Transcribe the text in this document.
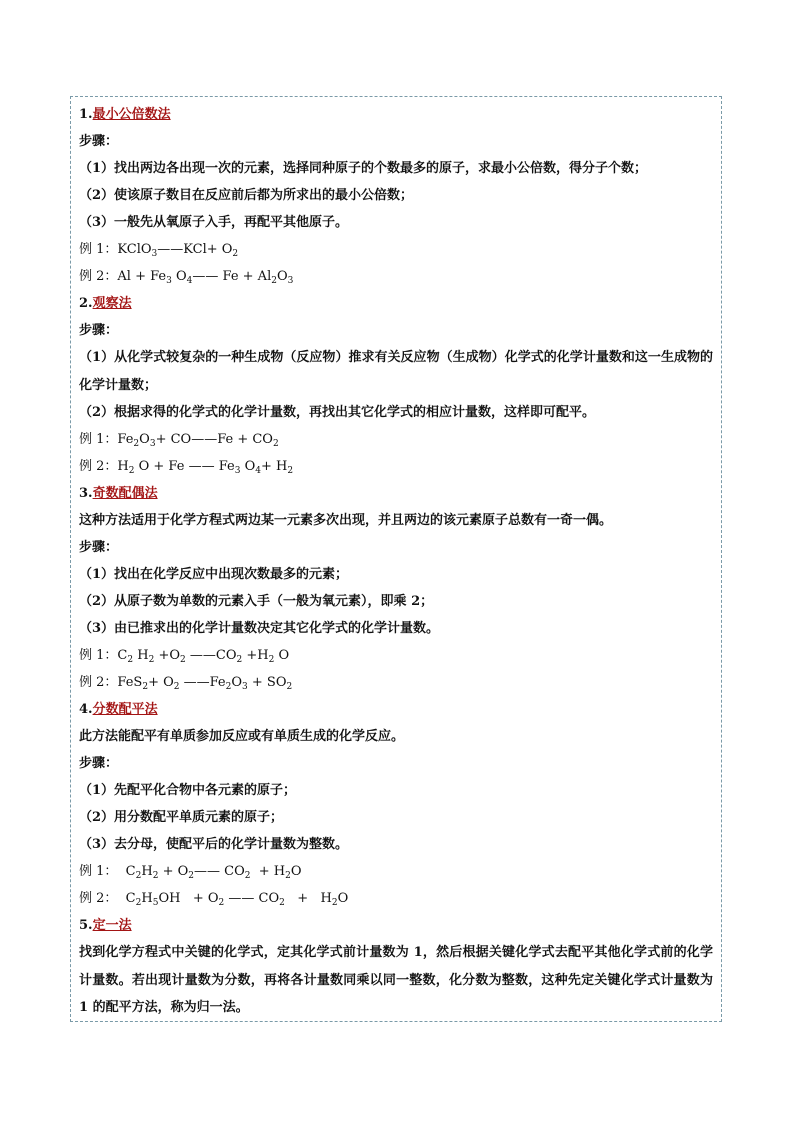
1.最小公倍数法
步骤：
（1）找出两边各出现一次的元素，选择同种原子的个数最多的原子，求最小公倍数，得分子个数；
（2）使该原子数目在反应前后都为所求出的最小公倍数；
（3）一般先从氧原子入手，再配平其他原子。
例 1：KClO$_3$——KCl+ $O_2$
例 2：$Al + Fe_3$ $O_4——$ $Fe + Al_2O_3$
2.观察法
步骤：
（1）从化学式较复杂的一种生成物（反应物）推求有关反应物（生成物）化学式的化学计量数和这一生成物的化学计量数；
（2）根据求得的化学式的化学计量数，再找出其它化学式的相应计量数，这样即可配平。
例 1：$Fe_2O_3+$ CO——Fe + $CO_2$
例 2：$H_2$ O + Fe —— $Fe_3$ $O_4+ H_2$
3.奇数配偶法
这种方法适用于化学方程式两边某一元素多次出现，并且两边的该元素原子总数有一奇一偶。
步骤：
（1）找出在化学反应中出现次数最多的元素；
（2）从原子数为单数的元素入手（一般为氧元素），即乘 2；
（3）由已推求出的化学计量数决定其它化学式的化学计量数。
例 1：$C_2$ $H_2 +O_2$ $——CO_2 +H_2$ O
例 2：$FeS_2+ O_2$ $——Fe_2O_3 + SO_2$
4.分数配平法
此方法能配平有单质参加反应或有单质生成的化学反应。
步骤：
（1）先配平化合物中各元素的原子；
（2）用分数配平单质元素的原子；
（3）去分母，使配平后的化学计量数为整数。
例 1：  $C_2H_2$ + $O_2——$ $CO_2 + H_2O$
例 2：  $C_2H_5OH + O_2$ —— $CO_2 + H_2O$
5.定一法
找到化学方程式中关键的化学式，定其化学式前计量数为 1，然后根据关键化学式去配平其他化学式前的化学计量数。若出现计量数为分数，再将各计量数同乘以同一整数，化分数为整数，这种先定关键化学式计量数为 1 的配平方法，称为归一法。
